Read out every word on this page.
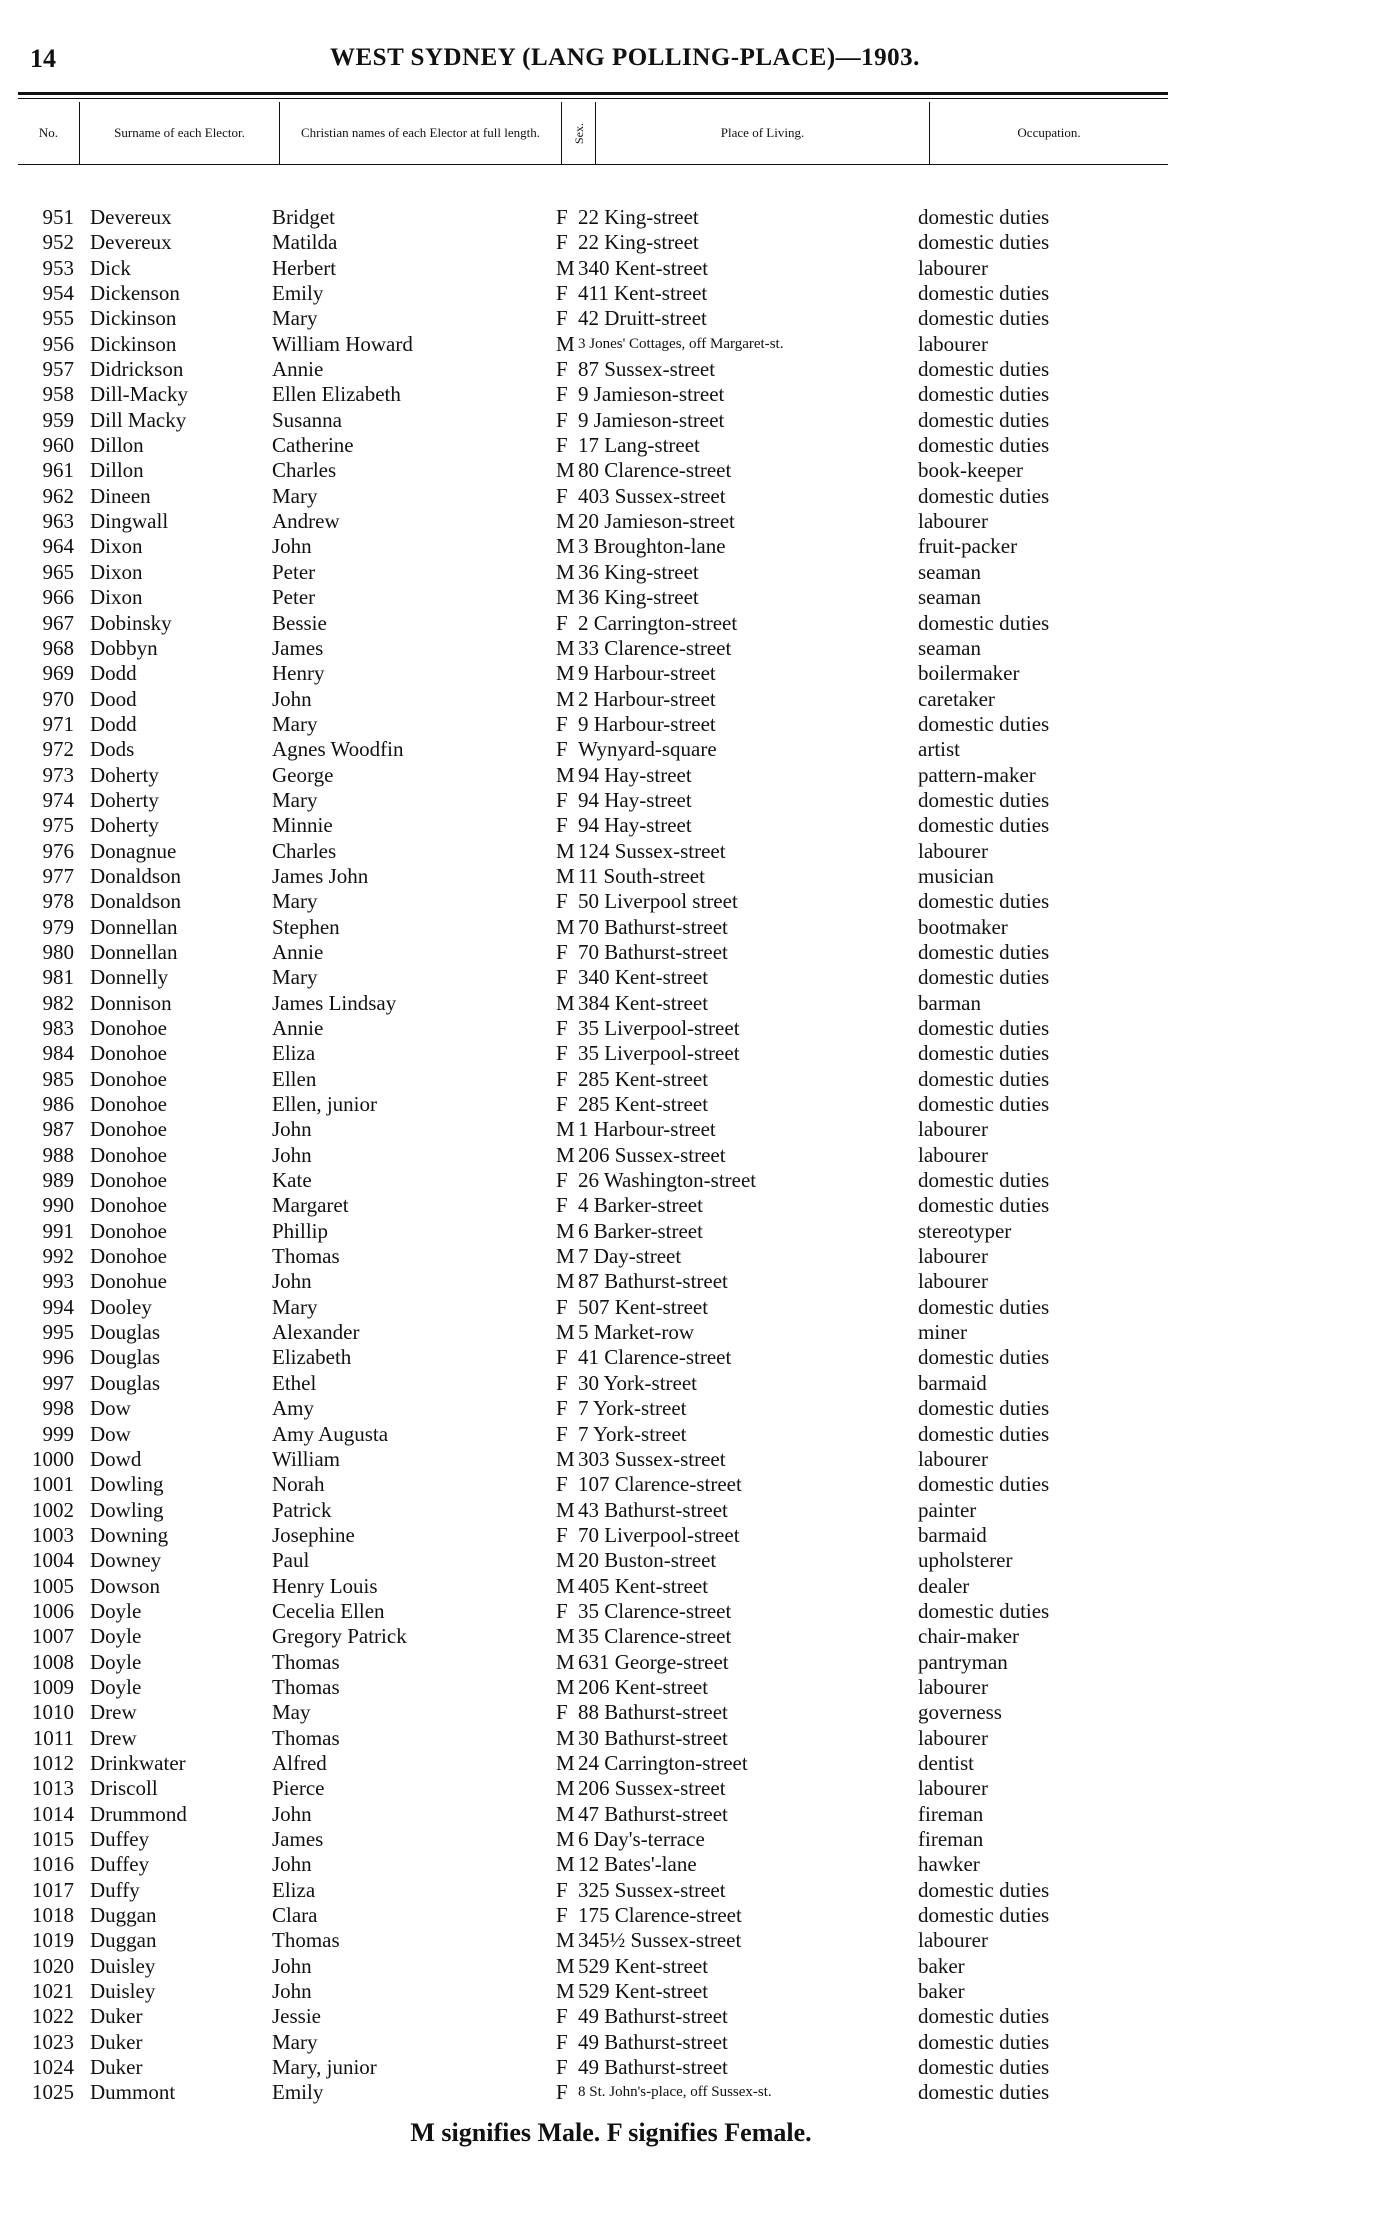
14	WEST SYDNEY (LANG POLLING-PLACE)—1903.
No.	Surname of each Elector.	Christian names of each Elector at full length.	Sex.	Place of Living.	Occupation.
951 Devereux	Bridget	F 22 King-street	domestic duties
952 Devereux	Matilda	F 22 King-street	domestic duties
953 Dick	Herbert	M 340 Kent-street	labourer
954 Dickenson	Emily	F 411 Kent-street	domestic duties
955 Dickinson	Mary	F 42 Druitt-street	domestic duties
956 Dickinson	William Howard	M 3 Jones' Cottages, off Margaret-st.	labourer
957 Didrickson	Annie	F 87 Sussex-street	domestic duties
958 Dill-Macky	Ellen Elizabeth	F 9 Jamieson-street	domestic duties
959 Dill Macky	Susanna	F 9 Jamieson-street	domestic duties
960 Dillon	Catherine	F 17 Lang-street	domestic duties
961 Dillon	Charles	M 80 Clarence-street	book-keeper
962 Dineen	Mary	F 403 Sussex-street	domestic duties
963 Dingwall	Andrew	M 20 Jamieson-street	labourer
964 Dixon	John	M 3 Broughton-lane	fruit-packer
965 Dixon	Peter	M 36 King-street	seaman
966 Dixon	Peter	M 36 King-street	seaman
967 Dobinsky	Bessie	F 2 Carrington-street	domestic duties
968 Dobbyn	James	M 33 Clarence-street	seaman
969 Dodd	Henry	M 9 Harbour-street	boilermaker
970 Dood	John	M 2 Harbour-street	caretaker
971 Dodd	Mary	F 9 Harbour-street	domestic duties
972 Dods	Agnes Woodfin	F Wynyard-square	artist
973 Doherty	George	M 94 Hay-street	pattern-maker
974 Doherty	Mary	F 94 Hay-street	domestic duties
975 Doherty	Minnie	F 94 Hay-street	domestic duties
976 Donagnue	Charles	M 124 Sussex-street	labourer
977 Donaldson	James John	M 11 South-street	musician
978 Donaldson	Mary	F 50 Liverpool street	domestic duties
979 Donnellan	Stephen	M 70 Bathurst-street	bootmaker
980 Donnellan	Annie	F 70 Bathurst-street	domestic duties
981 Donnelly	Mary	F 340 Kent-street	domestic duties
982 Donnison	James Lindsay	M 384 Kent-street	barman
983 Donohoe	Annie	F 35 Liverpool-street	domestic duties
984 Donohoe	Eliza	F 35 Liverpool-street	domestic duties
985 Donohoe	Ellen	F 285 Kent-street	domestic duties
986 Donohoe	Ellen, junior	F 285 Kent-street	domestic duties
987 Donohoe	John	M 1 Harbour-street	labourer
988 Donohoe	John	M 206 Sussex-street	labourer
989 Donohoe	Kate	F 26 Washington-street	domestic duties
990 Donohoe	Margaret	F 4 Barker-street	domestic duties
991 Donohoe	Phillip	M 6 Barker-street	stereotyper
992 Donohoe	Thomas	M 7 Day-street	labourer
993 Donohue	John	M 87 Bathurst-street	labourer
994 Dooley	Mary	F 507 Kent-street	domestic duties
995 Douglas	Alexander	M 5 Market-row	miner
996 Douglas	Elizabeth	F 41 Clarence-street	domestic duties
997 Douglas	Ethel	F 30 York-street	barmaid
998 Dow	Amy	F 7 York-street	domestic duties
999 Dow	Amy Augusta	F 7 York-street	domestic duties
1000 Dowd	William	M 303 Sussex-street	labourer
1001 Dowling	Norah	F 107 Clarence-street	domestic duties
1002 Dowling	Patrick	M 43 Bathurst-street	painter
1003 Downing	Josephine	F 70 Liverpool-street	barmaid
1004 Downey	Paul	M 20 Buston-street	upholsterer
1005 Dowson	Henry Louis	M 405 Kent-street	dealer
1006 Doyle	Cecelia Ellen	F 35 Clarence-street	domestic duties
1007 Doyle	Gregory Patrick	M 35 Clarence-street	chair-maker
1008 Doyle	Thomas	M 631 George-street	pantryman
1009 Doyle	Thomas	M 206 Kent-street	labourer
1010 Drew	May	F 88 Bathurst-street	governess
1011 Drew	Thomas	M 30 Bathurst-street	labourer
1012 Drinkwater	Alfred	M 24 Carrington-street	dentist
1013 Driscoll	Pierce	M 206 Sussex-street	labourer
1014 Drummond	John	M 47 Bathurst-street	fireman
1015 Duffey	James	M 6 Day's-terrace	fireman
1016 Duffey	John	M 12 Bates'-lane	hawker
1017 Duffy	Eliza	F 325 Sussex-street	domestic duties
1018 Duggan	Clara	F 175 Clarence-street	domestic duties
1019 Duggan	Thomas	M 345½ Sussex-street	labourer
1020 Duisley	John	M 529 Kent-street	baker
1021 Duisley	John	M 529 Kent-street	baker
1022 Duker	Jessie	F 49 Bathurst-street	domestic duties
1023 Duker	Mary	F 49 Bathurst-street	domestic duties
1024 Duker	Mary, junior	F 49 Bathurst-street	domestic duties
1025 Dummont	Emily	F 8 St. John's-place, off Sussex-st.	domestic duties
M signifies Male. F signifies Female.
